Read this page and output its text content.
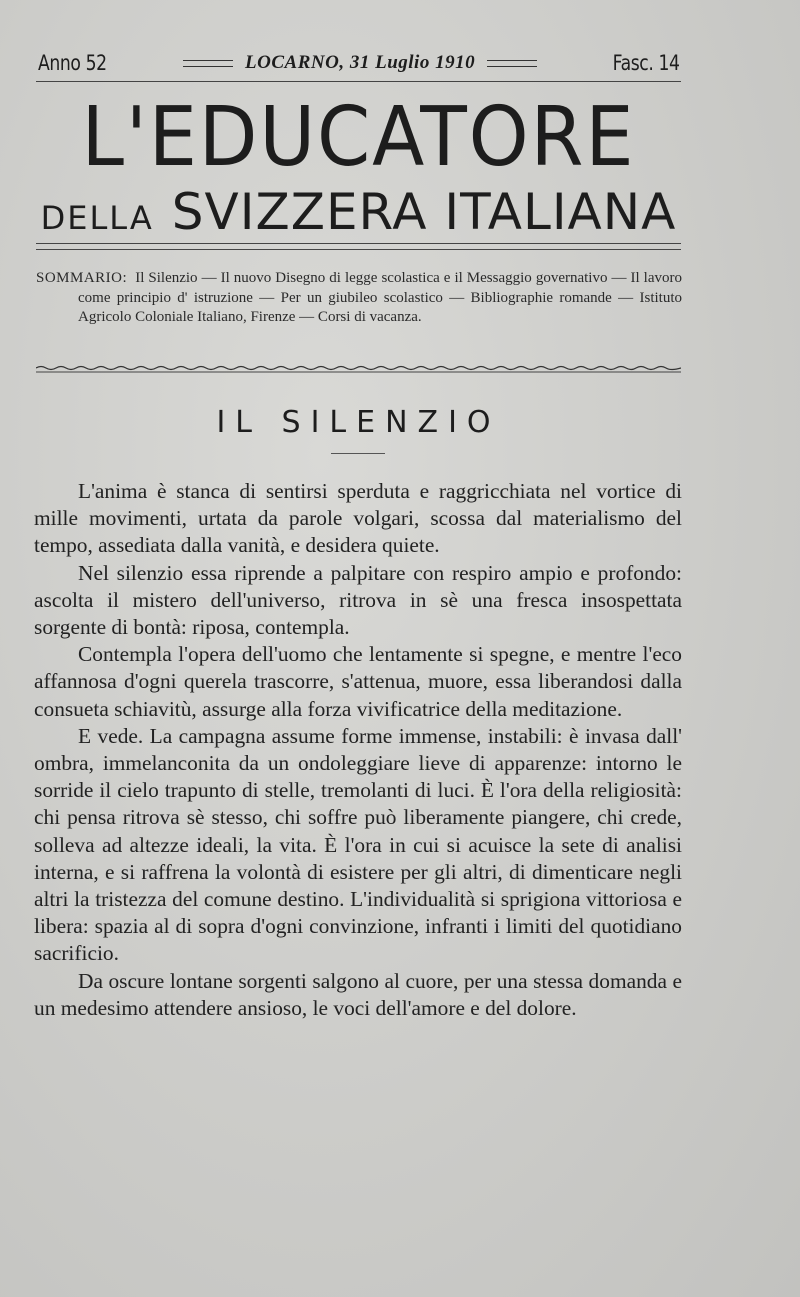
Anno 52	LOCARNO, 31 Luglio 1910	Fasc. 14
L'EDUCATORE
DELLA SVIZZERA ITALIANA

SOMMARIO: Il Silenzio — Il nuovo Disegno di legge scolastica e il Messaggio governativo — Il lavoro come principio d' istruzione — Per un giubileo scolastico — Bibliographie romande — Istituto Agricolo Coloniale Italiano, Firenze — Corsi di vacanza.

IL SILENZIO

L'anima è stanca di sentirsi sperduta e raggricchiata nel vortice di mille movimenti, urtata da parole volgari, scossa dal materialismo del tempo, assediata dalla vanità, e desidera quiete.

Nel silenzio essa riprende a palpitare con respiro ampio e profondo: ascolta il mistero dell'universo, ritrova in sè una fresca insospettata sorgente di bontà: riposa, contempla.

Contempla l'opera dell'uomo che lentamente si spegne, e mentre l'eco affannosa d'ogni querela trascorre, s'attenua, muore, essa liberandosi dalla consueta schiavitù, assurge alla forza vivificatrice della meditazione.

E vede. La campagna assume forme immense, instabili: è invasa dall' ombra, immelanconita da un ondoleggiare lieve di apparenze: intorno le sorride il cielo trapunto di stelle, tremolanti di luci. È l'ora della religiosità: chi pensa ritrova sè stesso, chi soffre può liberamente piangere, chi crede, solleva ad altezze ideali, la vita. È l'ora in cui si acuisce la sete di analisi interna, e si raffrena la volontà di esistere per gli altri, di dimenticare negli altri la tristezza del comune destino. L'individualità si sprigiona vittoriosa e libera: spazia al di sopra d'ogni convinzione, infranti i limiti del quotidiano sacrificio.

Da oscure lontane sorgenti salgono al cuore, per una stessa domanda e un medesimo attendere ansioso, le voci dell'amore e del dolore.
